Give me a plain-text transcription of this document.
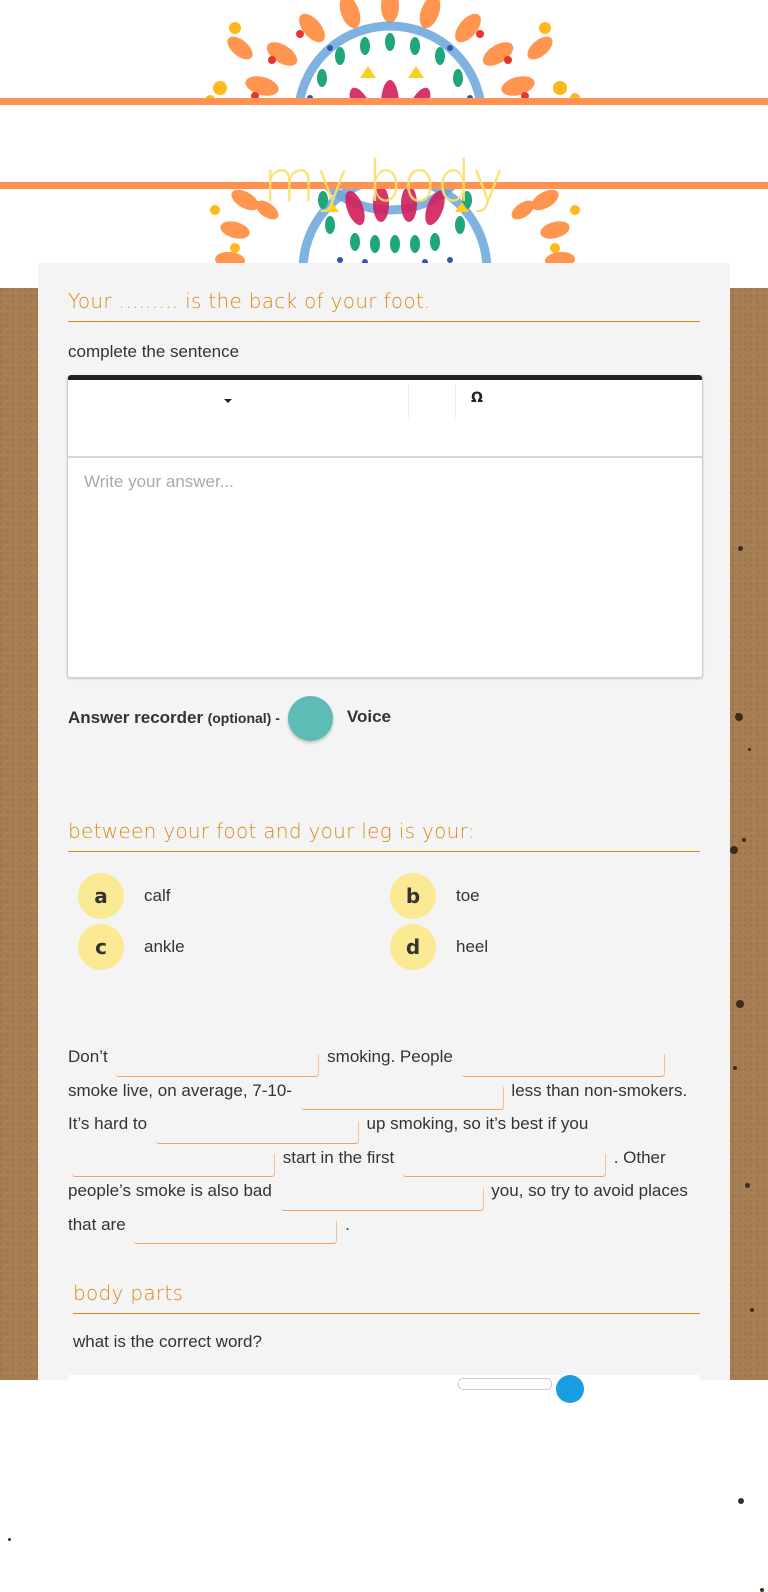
my body
Your ......... is the back of your foot.
complete the sentence
Ω
Write your answer...
Answer recorder
(optional) -	Voice
between your foot and your leg is your:
a	calf	b	toe
c	ankle	d	heel
Don’t	smoking. People  smoke live, on average, 7-10-	less than non-smokers. It’s hard to	up smoking, so it’s best if you  start in the first	. Other people’s smoke is also bad	you, so try to avoid places that are	.
body parts
what is the correct word?
